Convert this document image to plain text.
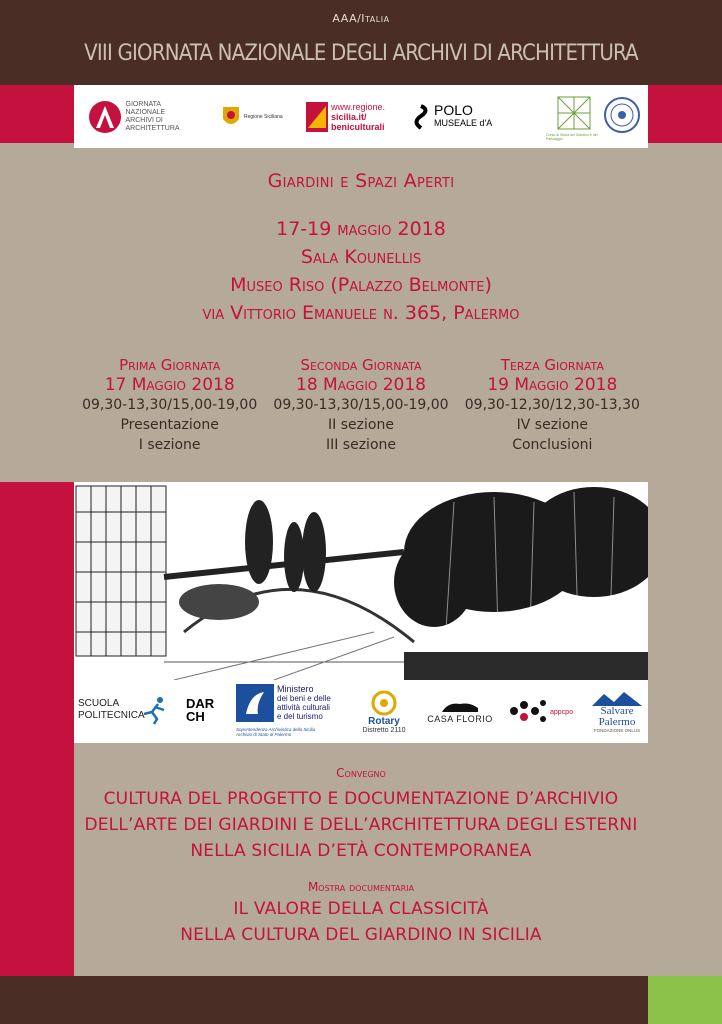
AAA/Italia
VIII GIORNATA NAZIONALE DEGLI ARCHIVI DI ARCHITETTURA
GIORNATA NAZIONALE ARCHIVI DI ARCHITETTURA
Regione Siciliana
www.regione.
sicilia.it/
beniculturali
POLO
MUSEALE d'A
Corso di Storia dei Giardino e del Paesaggio
Giardini e Spazi Aperti
17-19 maggio 2018
Sala Kounellis
Museo Riso (Palazzo Belmonte)
via Vittorio Emanuele n. 365, Palermo
Prima Giornata
17 Maggio 2018
09,30-13,30/15,00-19,00
Presentazione
I sezione
Seconda Giornata
18 Maggio 2018
09,30-13,30/15,00-19,00
II sezione
III sezione
Terza Giornata
19 Maggio 2018
09,30-12,30/12,30-13,30
IV sezione
Conclusioni
SCUOLA POLITECNICA
DARCH
Ministero
dei beni e delle
attività culturali
e del turismo
Soprintendenza Archivistica della Sicilia
Archivio di Stato di Palermo
Rotary
Distretto 2110
CASA FLORIO
appcpo	Salvare
Palermo
FONDAZIONE ONLUS
Convegno
CULTURA DEL PROGETTO E DOCUMENTAZIONE D’ARCHIVIO
DELL’ARTE DEI GIARDINI E DELL’ARCHITETTURA DEGLI ESTERNI
NELLA SICILIA D’ETÀ CONTEMPORANEA
Mostra documentaria
IL VALORE DELLA CLASSICITÀ
NELLA CULTURA DEL GIARDINO IN SICILIA
